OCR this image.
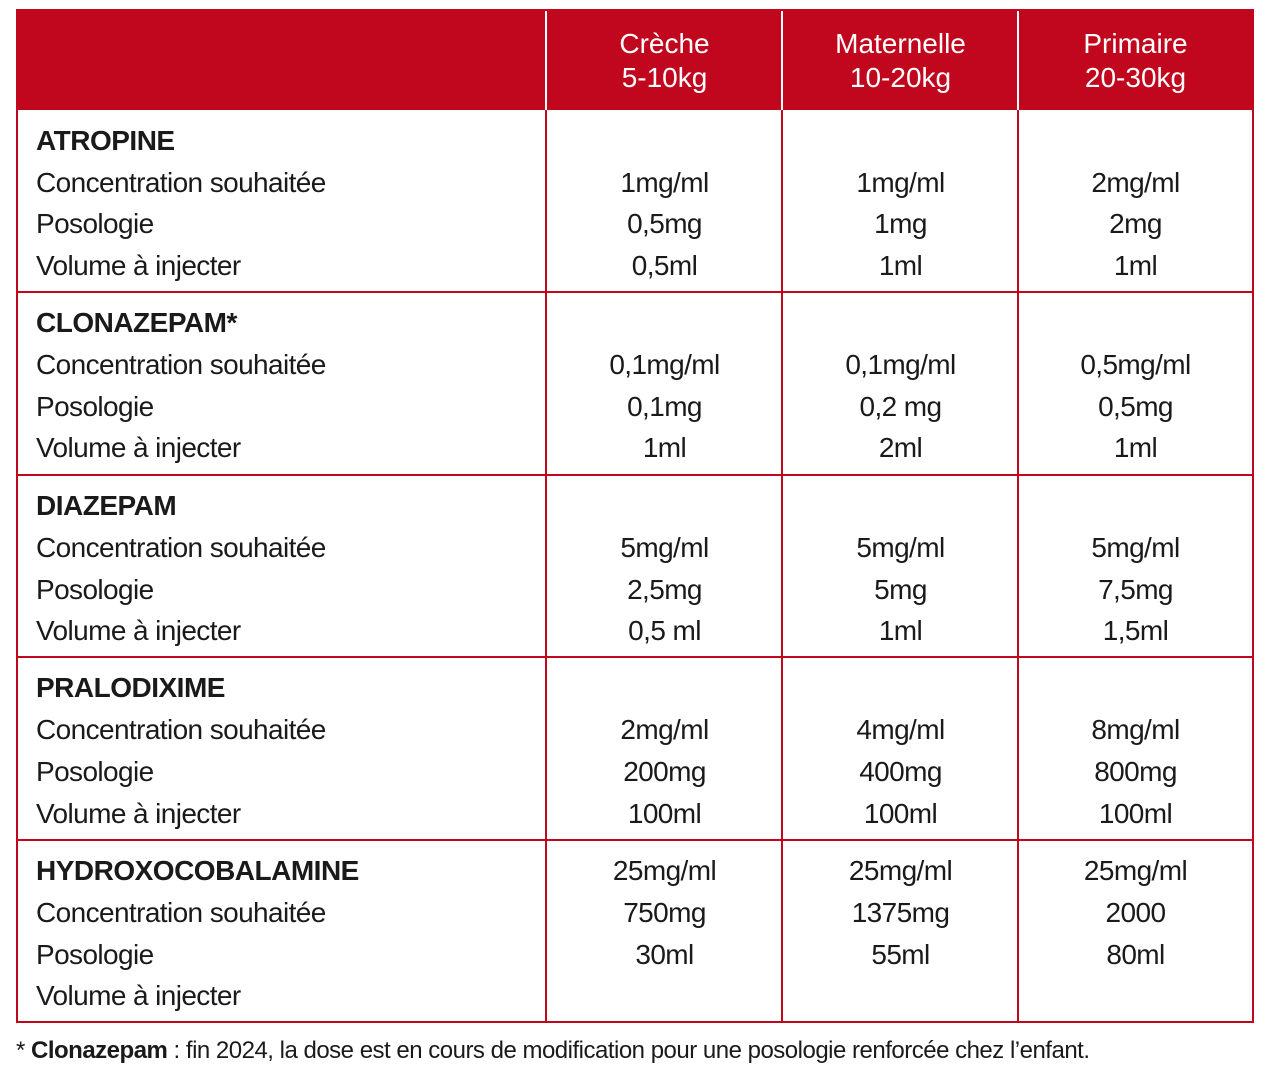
Crèche
5-10kg
Maternelle
10-20kg
Primaire
20-30kg
ATROPINE
Concentration souhaitée
Posologie
Volume à injecter
1mg/ml
0,5mg
0,5ml
1mg/ml
1mg
1ml
2mg/ml
2mg
1ml
CLONAZEPAM*
Concentration souhaitée
Posologie
Volume à injecter
0,1mg/ml
0,1mg
1ml
0,1mg/ml
0,2 mg
2ml
0,5mg/ml
0,5mg
1ml
DIAZEPAM
Concentration souhaitée
Posologie
Volume à injecter
5mg/ml
2,5mg
0,5 ml
5mg/ml
5mg
1ml
5mg/ml
7,5mg
1,5ml
PRALODIXIME
Concentration souhaitée
Posologie
Volume à injecter
2mg/ml
200mg
100ml
4mg/ml
400mg
100ml
8mg/ml
800mg
100ml
HYDROXOCOBALAMINE
Concentration souhaitée
Posologie
Volume à injecter
25mg/ml
750mg
30ml
25mg/ml
1375mg
55ml
25mg/ml
2000
80ml
* Clonazepam : fin 2024, la dose est en cours de modification pour une posologie renforcée chez l’enfant.
